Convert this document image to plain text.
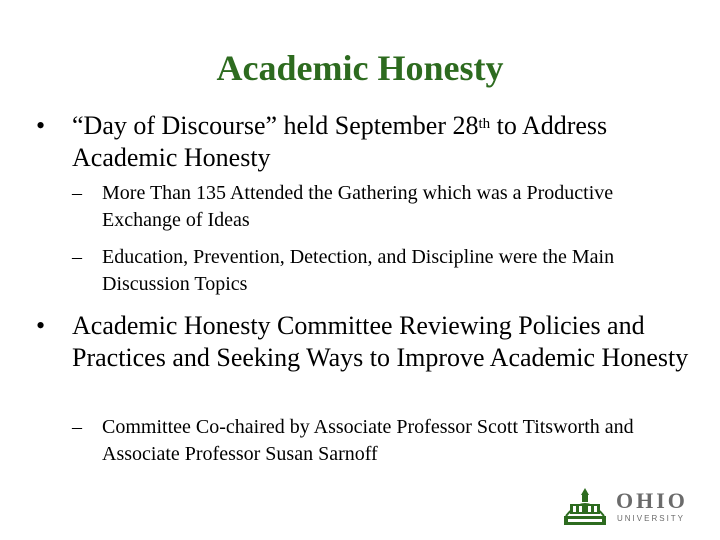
Academic Honesty
• “Day of Discourse” held September 28th to Address Academic Honesty
– More Than 135 Attended the Gathering which was a Productive Exchange of Ideas
– Education, Prevention, Detection, and Discipline were the Main Discussion Topics
• Academic Honesty Committee Reviewing Policies and Practices and Seeking Ways to Improve Academic Honesty
– Committee Co-chaired by Associate Professor Scott Titsworth and Associate Professor Susan Sarnoff
OHIO
UNIVERSITY
